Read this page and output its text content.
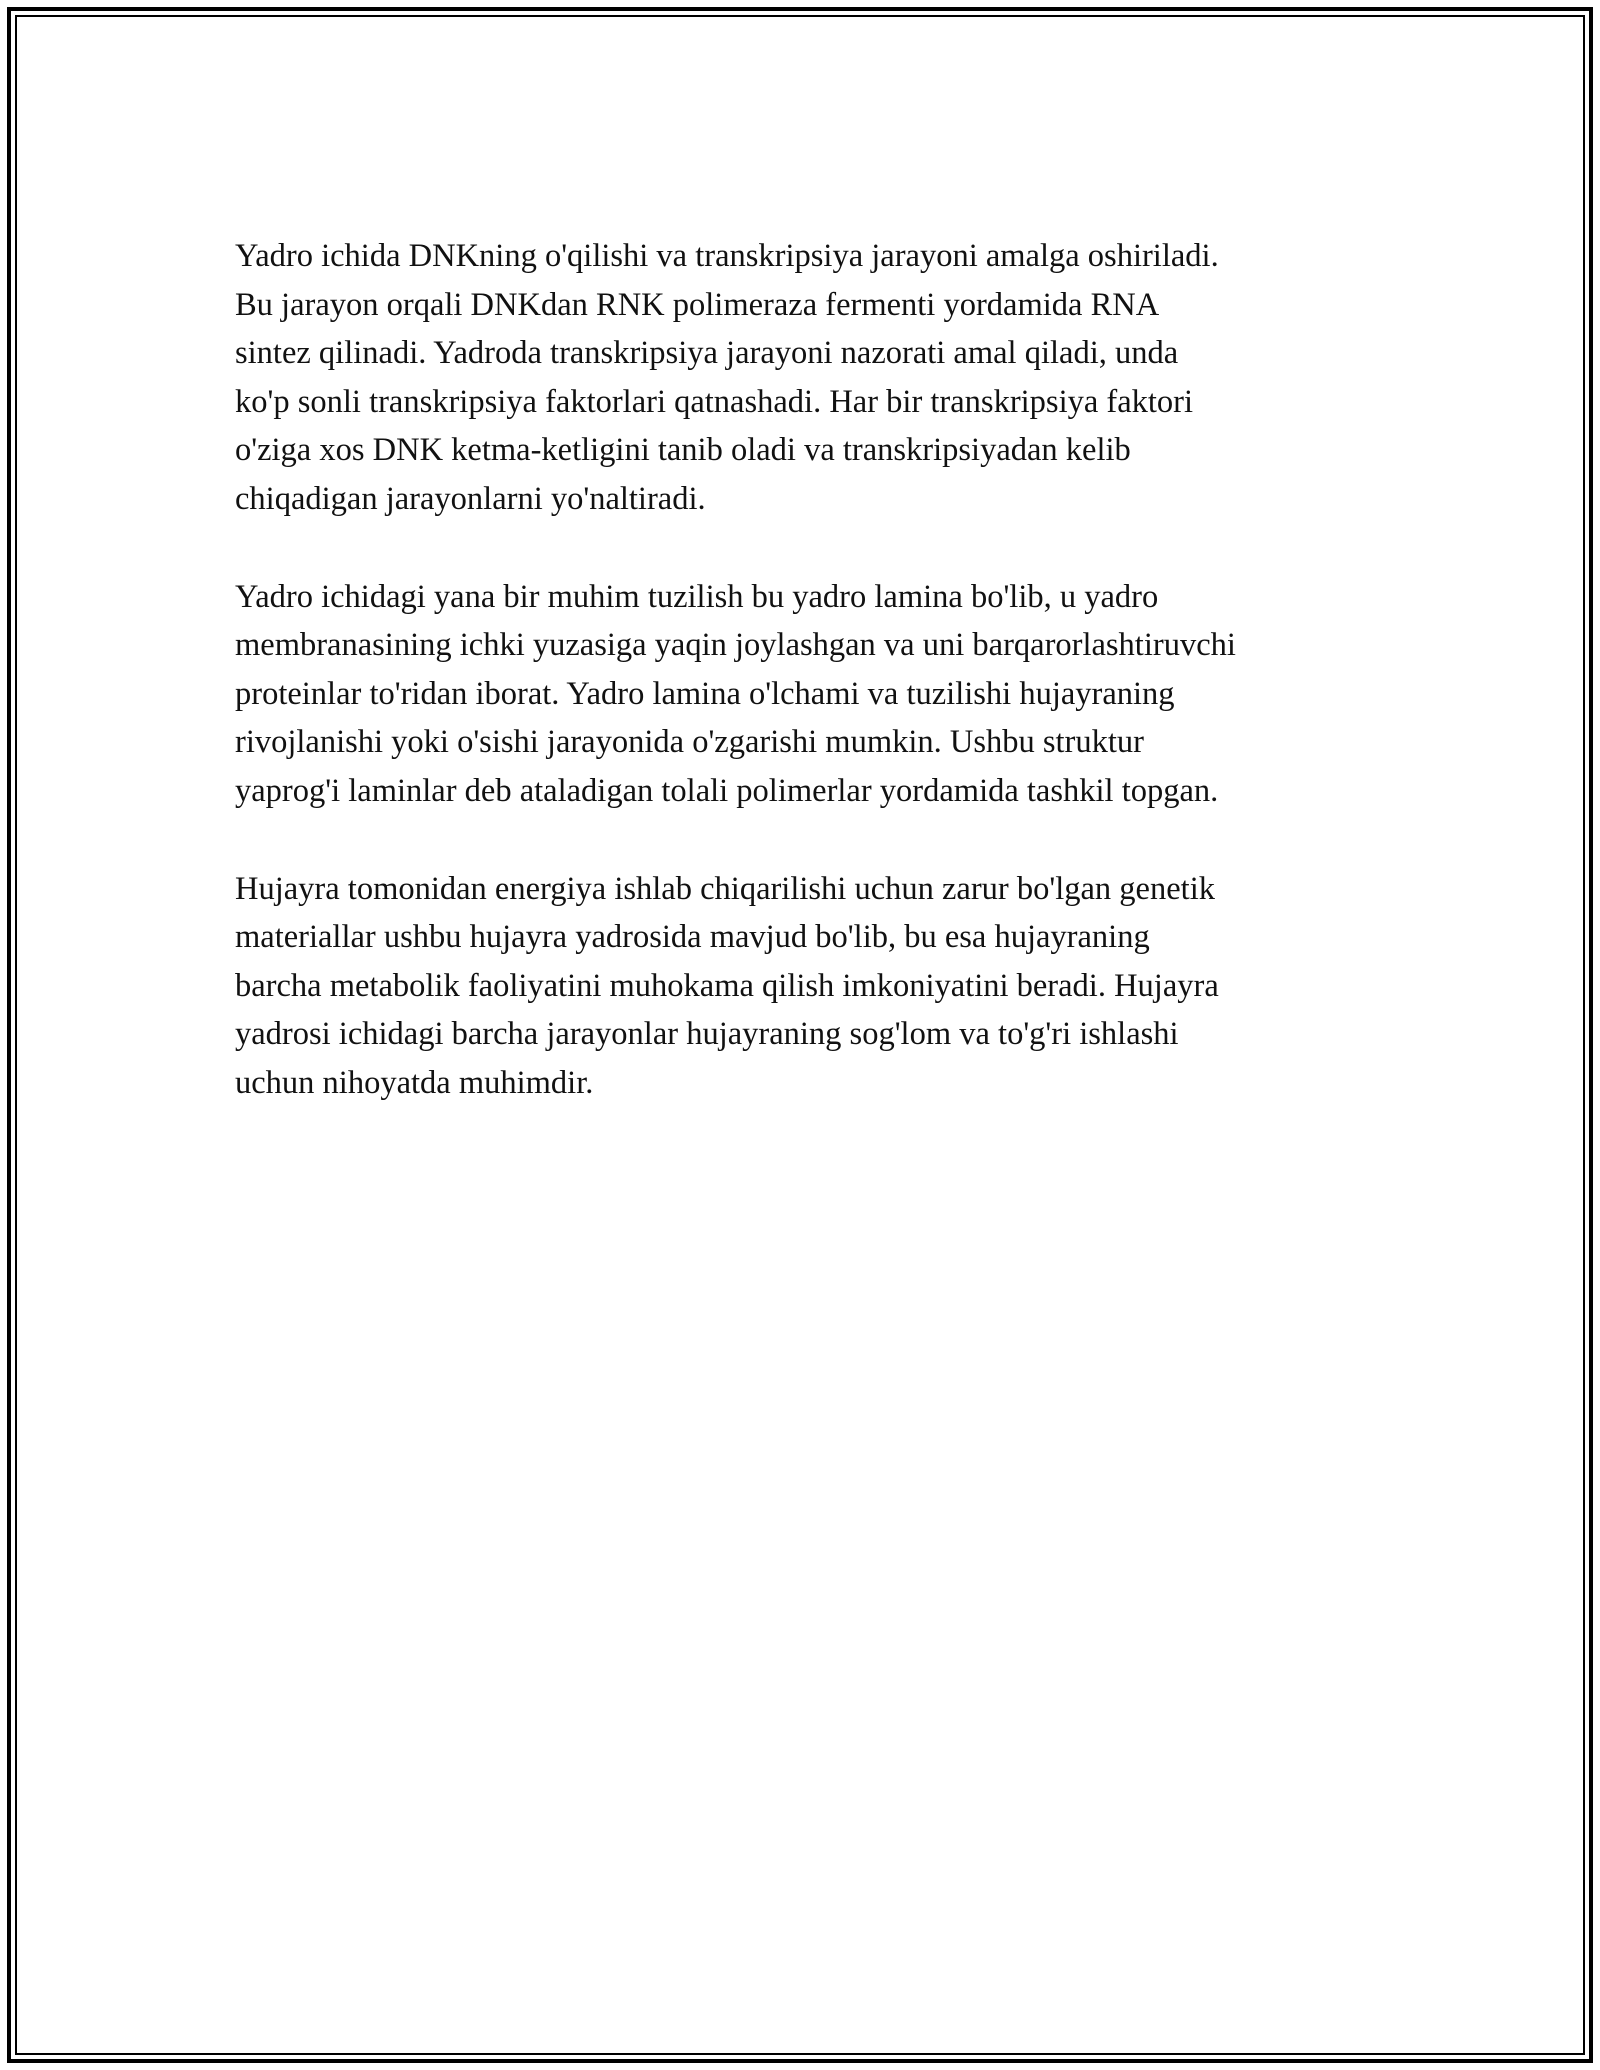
Yadro ichida DNKning o'qilishi va transkripsiya jarayoni amalga oshiriladi.
Bu jarayon orqali DNKdan RNK polimeraza fermenti yordamida RNA
sintez qilinadi. Yadroda transkripsiya jarayoni nazorati amal qiladi, unda
ko'p sonli transkripsiya faktorlari qatnashadi. Har bir transkripsiya faktori
o'ziga xos DNK ketma-ketligini tanib oladi va transkripsiyadan kelib
chiqadigan jarayonlarni yo'naltiradi.

Yadro ichidagi yana bir muhim tuzilish bu yadro lamina bo'lib, u yadro
membranasining ichki yuzasiga yaqin joylashgan va uni barqarorlashtiruvchi
proteinlar to'ridan iborat. Yadro lamina o'lchami va tuzilishi hujayraning
rivojlanishi yoki o'sishi jarayonida o'zgarishi mumkin. Ushbu struktur
yaprog'i laminlar deb ataladigan tolali polimerlar yordamida tashkil topgan.

Hujayra tomonidan energiya ishlab chiqarilishi uchun zarur bo'lgan genetik
materiallar ushbu hujayra yadrosida mavjud bo'lib, bu esa hujayraning
barcha metabolik faoliyatini muhokama qilish imkoniyatini beradi. Hujayra
yadrosi ichidagi barcha jarayonlar hujayraning sog'lom va to'g'ri ishlashi
uchun nihoyatda muhimdir.
